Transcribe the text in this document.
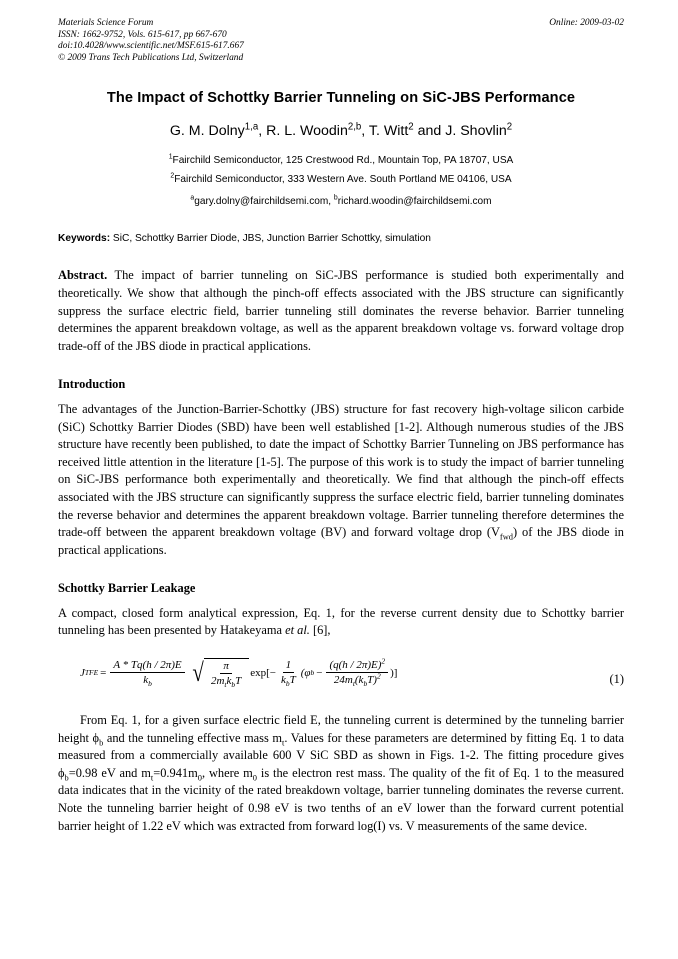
Materials Science Forum
ISSN: 1662-9752, Vols. 615-617, pp 667-670
doi:10.4028/www.scientific.net/MSF.615-617.667
© 2009 Trans Tech Publications Ltd, Switzerland
Online: 2009-03-02
The Impact of Schottky Barrier Tunneling on SiC-JBS Performance
G. M. Dolny$^{1,a}$, R. L. Woodin$^{2,b}$, T. Witt$^2$ and J. Shovlin$^2$
$^1$Fairchild Semiconductor, 125 Crestwood Rd., Mountain Top, PA 18707, USA
$^2$Fairchild Semiconductor, 333 Western Ave. South Portland ME 04106, USA
$^a$gary.dolny@fairchildsemi.com, $^b$richard.woodin@fairchildsemi.com
Keywords: SiC, Schottky Barrier Diode, JBS, Junction Barrier Schottky, simulation
Abstract. The impact of barrier tunneling on SiC-JBS performance is studied both experimentally and theoretically. We show that although the pinch-off effects associated with the JBS structure can significantly suppress the surface electric field, barrier tunneling still dominates the reverse behavior. Barrier tunneling determines the apparent breakdown voltage, as well as the apparent breakdown voltage vs. forward voltage drop trade-off of the JBS diode in practical applications.
Introduction

The advantages of the Junction-Barrier-Schottky (JBS) structure for fast recovery high-voltage silicon carbide (SiC) Schottky Barrier Diodes (SBD) have been well established [1-2]. Although numerous studies of the JBS structure have recently been published, to date the impact of Schottky Barrier Tunneling on JBS performance has received little attention in the literature [1-5]. The purpose of this work is to study the impact of barrier tunneling on SiC-JBS performance both experimentally and theoretically. We find that although the pinch-off effects associated with the JBS structure can significantly suppress the surface electric field, barrier tunneling dominates the reverse behavior and determines the apparent breakdown voltage. Barrier tunneling therefore determines the trade-off between the apparent breakdown voltage (BV) and forward voltage drop $(V_{fwd})$ of the JBS diode in practical applications.

Schottky Barrier Leakage

A compact, closed form analytical expression, Eq. 1, for the reverse current density due to Schottky barrier tunneling has been presented by Hatakeyama et al. [6],

J TFE = $\frac{A * Tq(h / 2\pi)E}{k_b}$ √ $\frac{\pi}{2m_tk_bT} \exp[- \frac{1}{k_bT}$ ( φ $b - \frac{(q(h / 2\pi)E)^2}{24m_t(k_bT)^2}$ )]	(1)

From Eq. 1, for a given surface electric field E, the tunneling current is determined by the tunneling barrier height $\phi_b$ and the tunneling effective mass $m_t$. Values for these parameters are determined by fitting Eq. 1 to data measured from a commercially available 600 V SiC SBD as shown in Figs. 1-2. The fitting procedure gives $\phi_b=0.98$ eV and $m_t=0.941m_0$, where $m_0$ is the electron rest mass. The quality of the fit of Eq. 1 to the measured data indicates that in the vicinity of the rated breakdown voltage, barrier tunneling dominates the reverse current. Note the tunneling barrier height of 0.98 eV is two tenths of an eV lower than the forward current potential barrier height of 1.22 eV which was extracted from forward log(I) vs. V measurements of the same device.
